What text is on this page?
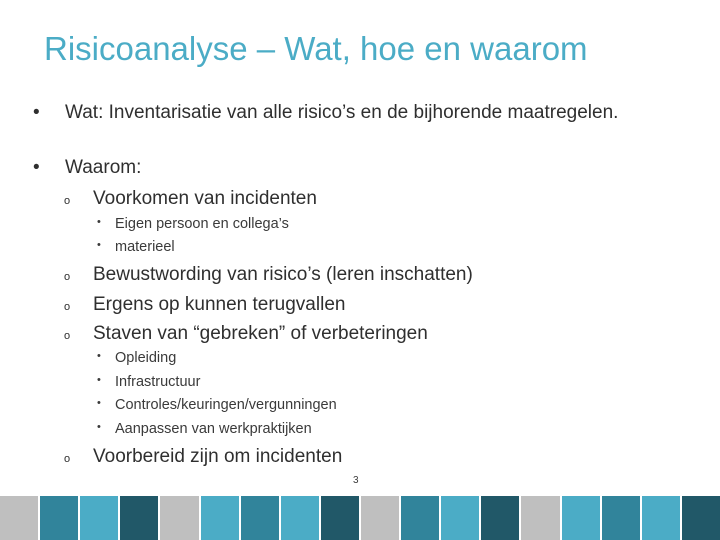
Risicoanalyse – Wat, hoe en waarom
• Wat: Inventarisatie van alle risico’s en de bijhorende maatregelen.
• Waarom:
o Voorkomen van incidenten
• Eigen persoon en collega’s
• materieel
o Bewustwording van risico’s (leren inschatten)
o Ergens op kunnen terugvallen
o Staven van “gebreken” of verbeteringen
• Opleiding
• Infrastructuur
• Controles/keuringen/vergunningen
• Aanpassen van werkpraktijken
o Voorbereid zijn om incidenten
3
